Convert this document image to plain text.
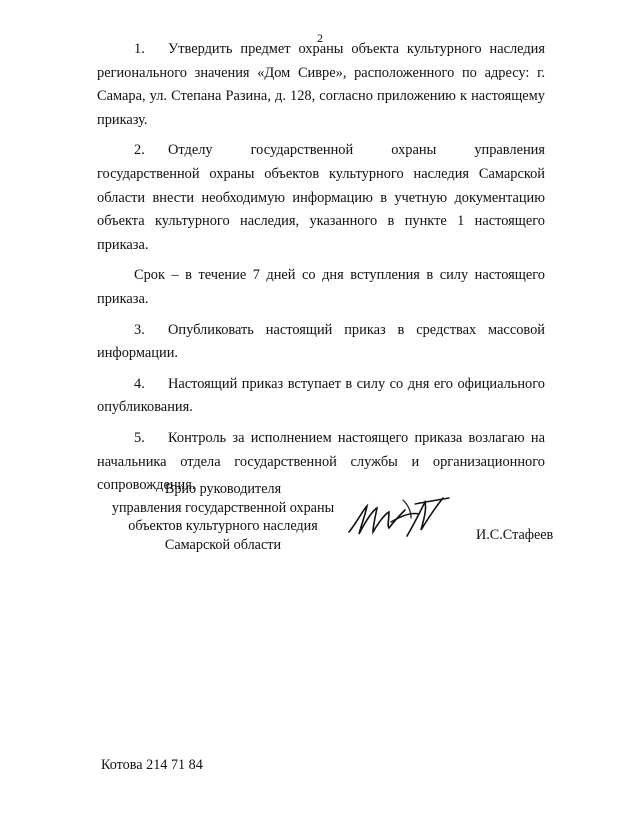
2

1. Утвердить предмет охраны объекта культурного наследия регионального значения «Дом Сивре», расположенного по адресу: г. Самара, ул. Степана Разина, д. 128, согласно приложению к настоящему приказу.

2. Отделу государственной охраны управления государственной охраны объектов культурного наследия Самарской области внести необходимую информацию в учетную документацию объекта культурного наследия, указанного в пункте 1 настоящего приказа.

Срок – в течение 7 дней со дня вступления в силу настоящего приказа.

3. Опубликовать настоящий приказ в средствах массовой информации.

4. Настоящий приказ вступает в силу со дня его официального опубликования.

5. Контроль за исполнением настоящего приказа возлагаю на начальника отдела государственной службы и организационного сопровождения.

Врио руководителя
управления государственной охраны
объектов культурного наследия
Самарской области
И.С.Стафеев
Котова 214 71 84
